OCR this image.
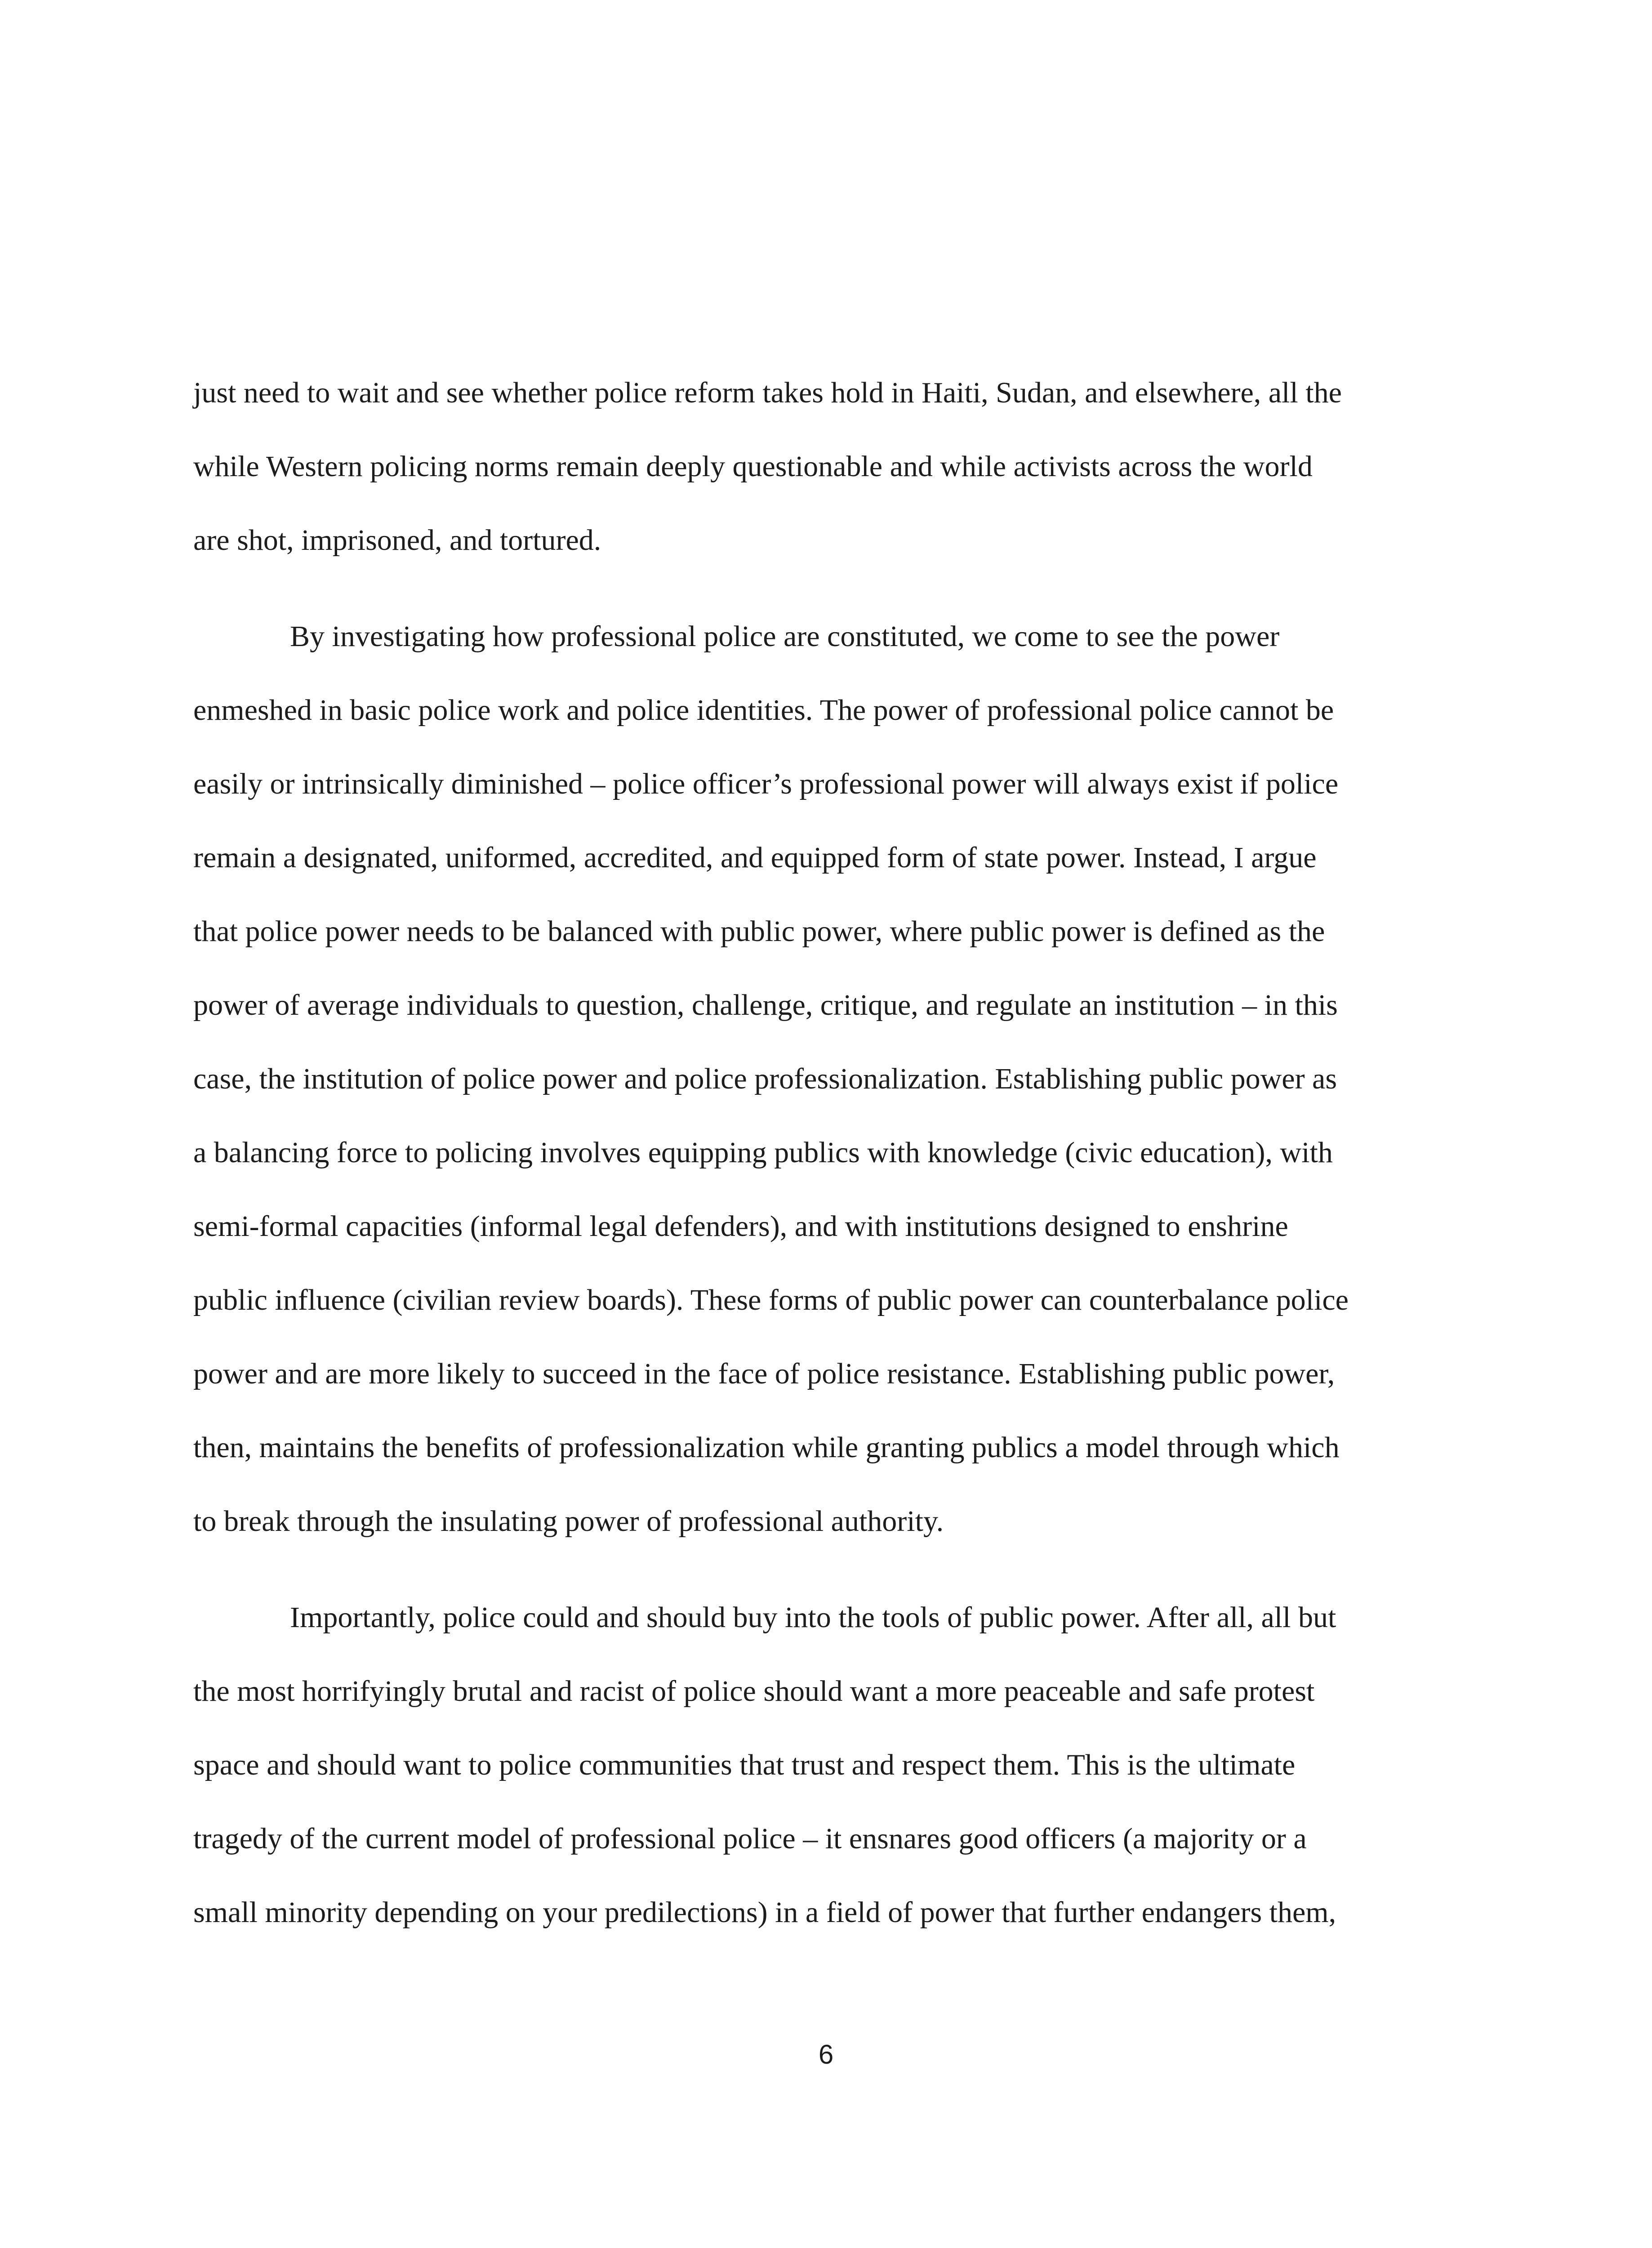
just need to wait and see whether police reform takes hold in Haiti, Sudan, and elsewhere, all the
while Western policing norms remain deeply questionable and while activists across the world
are shot, imprisoned, and tortured.
By investigating how professional police are constituted, we come to see the power
enmeshed in basic police work and police identities. The power of professional police cannot be
easily or intrinsically diminished – police officer’s professional power will always exist if police
remain a designated, uniformed, accredited, and equipped form of state power. Instead, I argue
that police power needs to be balanced with public power, where public power is defined as the
power of average individuals to question, challenge, critique, and regulate an institution – in this
case, the institution of police power and police professionalization. Establishing public power as
a balancing force to policing involves equipping publics with knowledge (civic education), with
semi-formal capacities (informal legal defenders), and with institutions designed to enshrine
public influence (civilian review boards). These forms of public power can counterbalance police
power and are more likely to succeed in the face of police resistance. Establishing public power,
then, maintains the benefits of professionalization while granting publics a model through which
to break through the insulating power of professional authority.
Importantly, police could and should buy into the tools of public power. After all, all but
the most horrifyingly brutal and racist of police should want a more peaceable and safe protest
space and should want to police communities that trust and respect them. This is the ultimate
tragedy of the current model of professional police – it ensnares good officers (a majority or a
small minority depending on your predilections) in a field of power that further endangers them,
6
